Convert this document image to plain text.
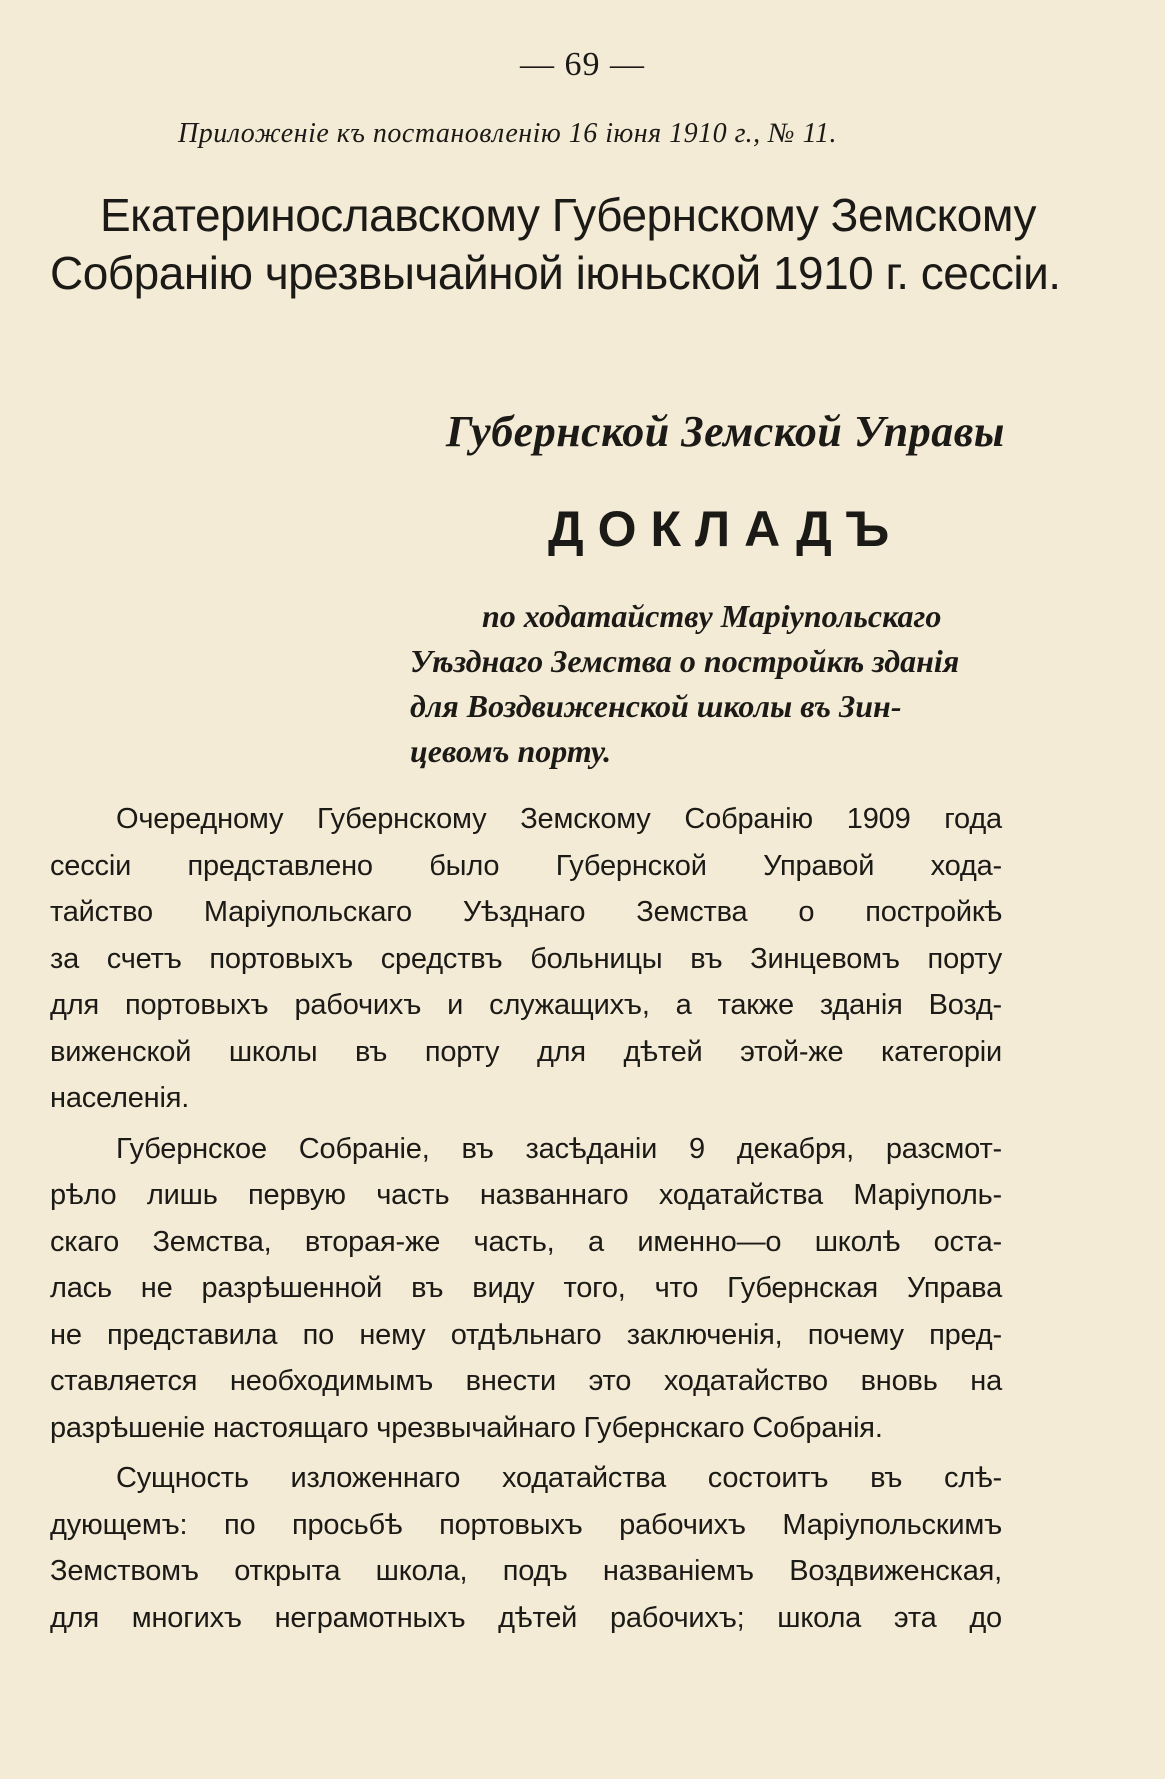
— 69 —
Приложеніе къ постановленію 16 іюня 1910 г., № 11.
Екатеринославскому Губернскому Земскому
Собранію чрезвычайной іюньской 1910 г. сессіи.
Губернской Земской Управы
ДОКЛАДЪ
по ходатайству Маріупольскаго
Уѣзднаго Земства о постройкѣ зданія
для Воздвиженской школы въ Зин-
цевомъ порту.

Очередному Губернскому Земскому Собранію 1909 года
сессіи представлено было Губернской Управой хода-
тайство Маріупольскаго Уѣзднаго Земства о постройкѣ
за счетъ портовыхъ средствъ больницы въ Зинцевомъ порту
для портовыхъ рабочихъ и служащихъ, а также зданія Возд-
виженской школы въ порту для дѣтей этой-же категоріи
населенія.

Губернское Собраніе, въ засѣданіи 9 декабря, разсмот-
рѣло лишь первую часть названнаго ходатайства Маріуполь-
скаго Земства, вторая-же часть, а именно—о школѣ оста-
лась не разрѣшенной въ виду того, что Губернская Управа
не представила по нему отдѣльнаго заключенія, почему пред-
ставляется необходимымъ внести это ходатайство вновь на
разрѣшеніе настоящаго чрезвычайнаго Губернскаго Собранія.

Сущность изложеннаго ходатайства состоитъ въ слѣ-
дующемъ: по просьбѣ портовыхъ рабочихъ Маріупольскимъ
Земствомъ открыта школа, подъ названіемъ Воздвиженская,
для многихъ неграмотныхъ дѣтей рабочихъ; школа эта до
